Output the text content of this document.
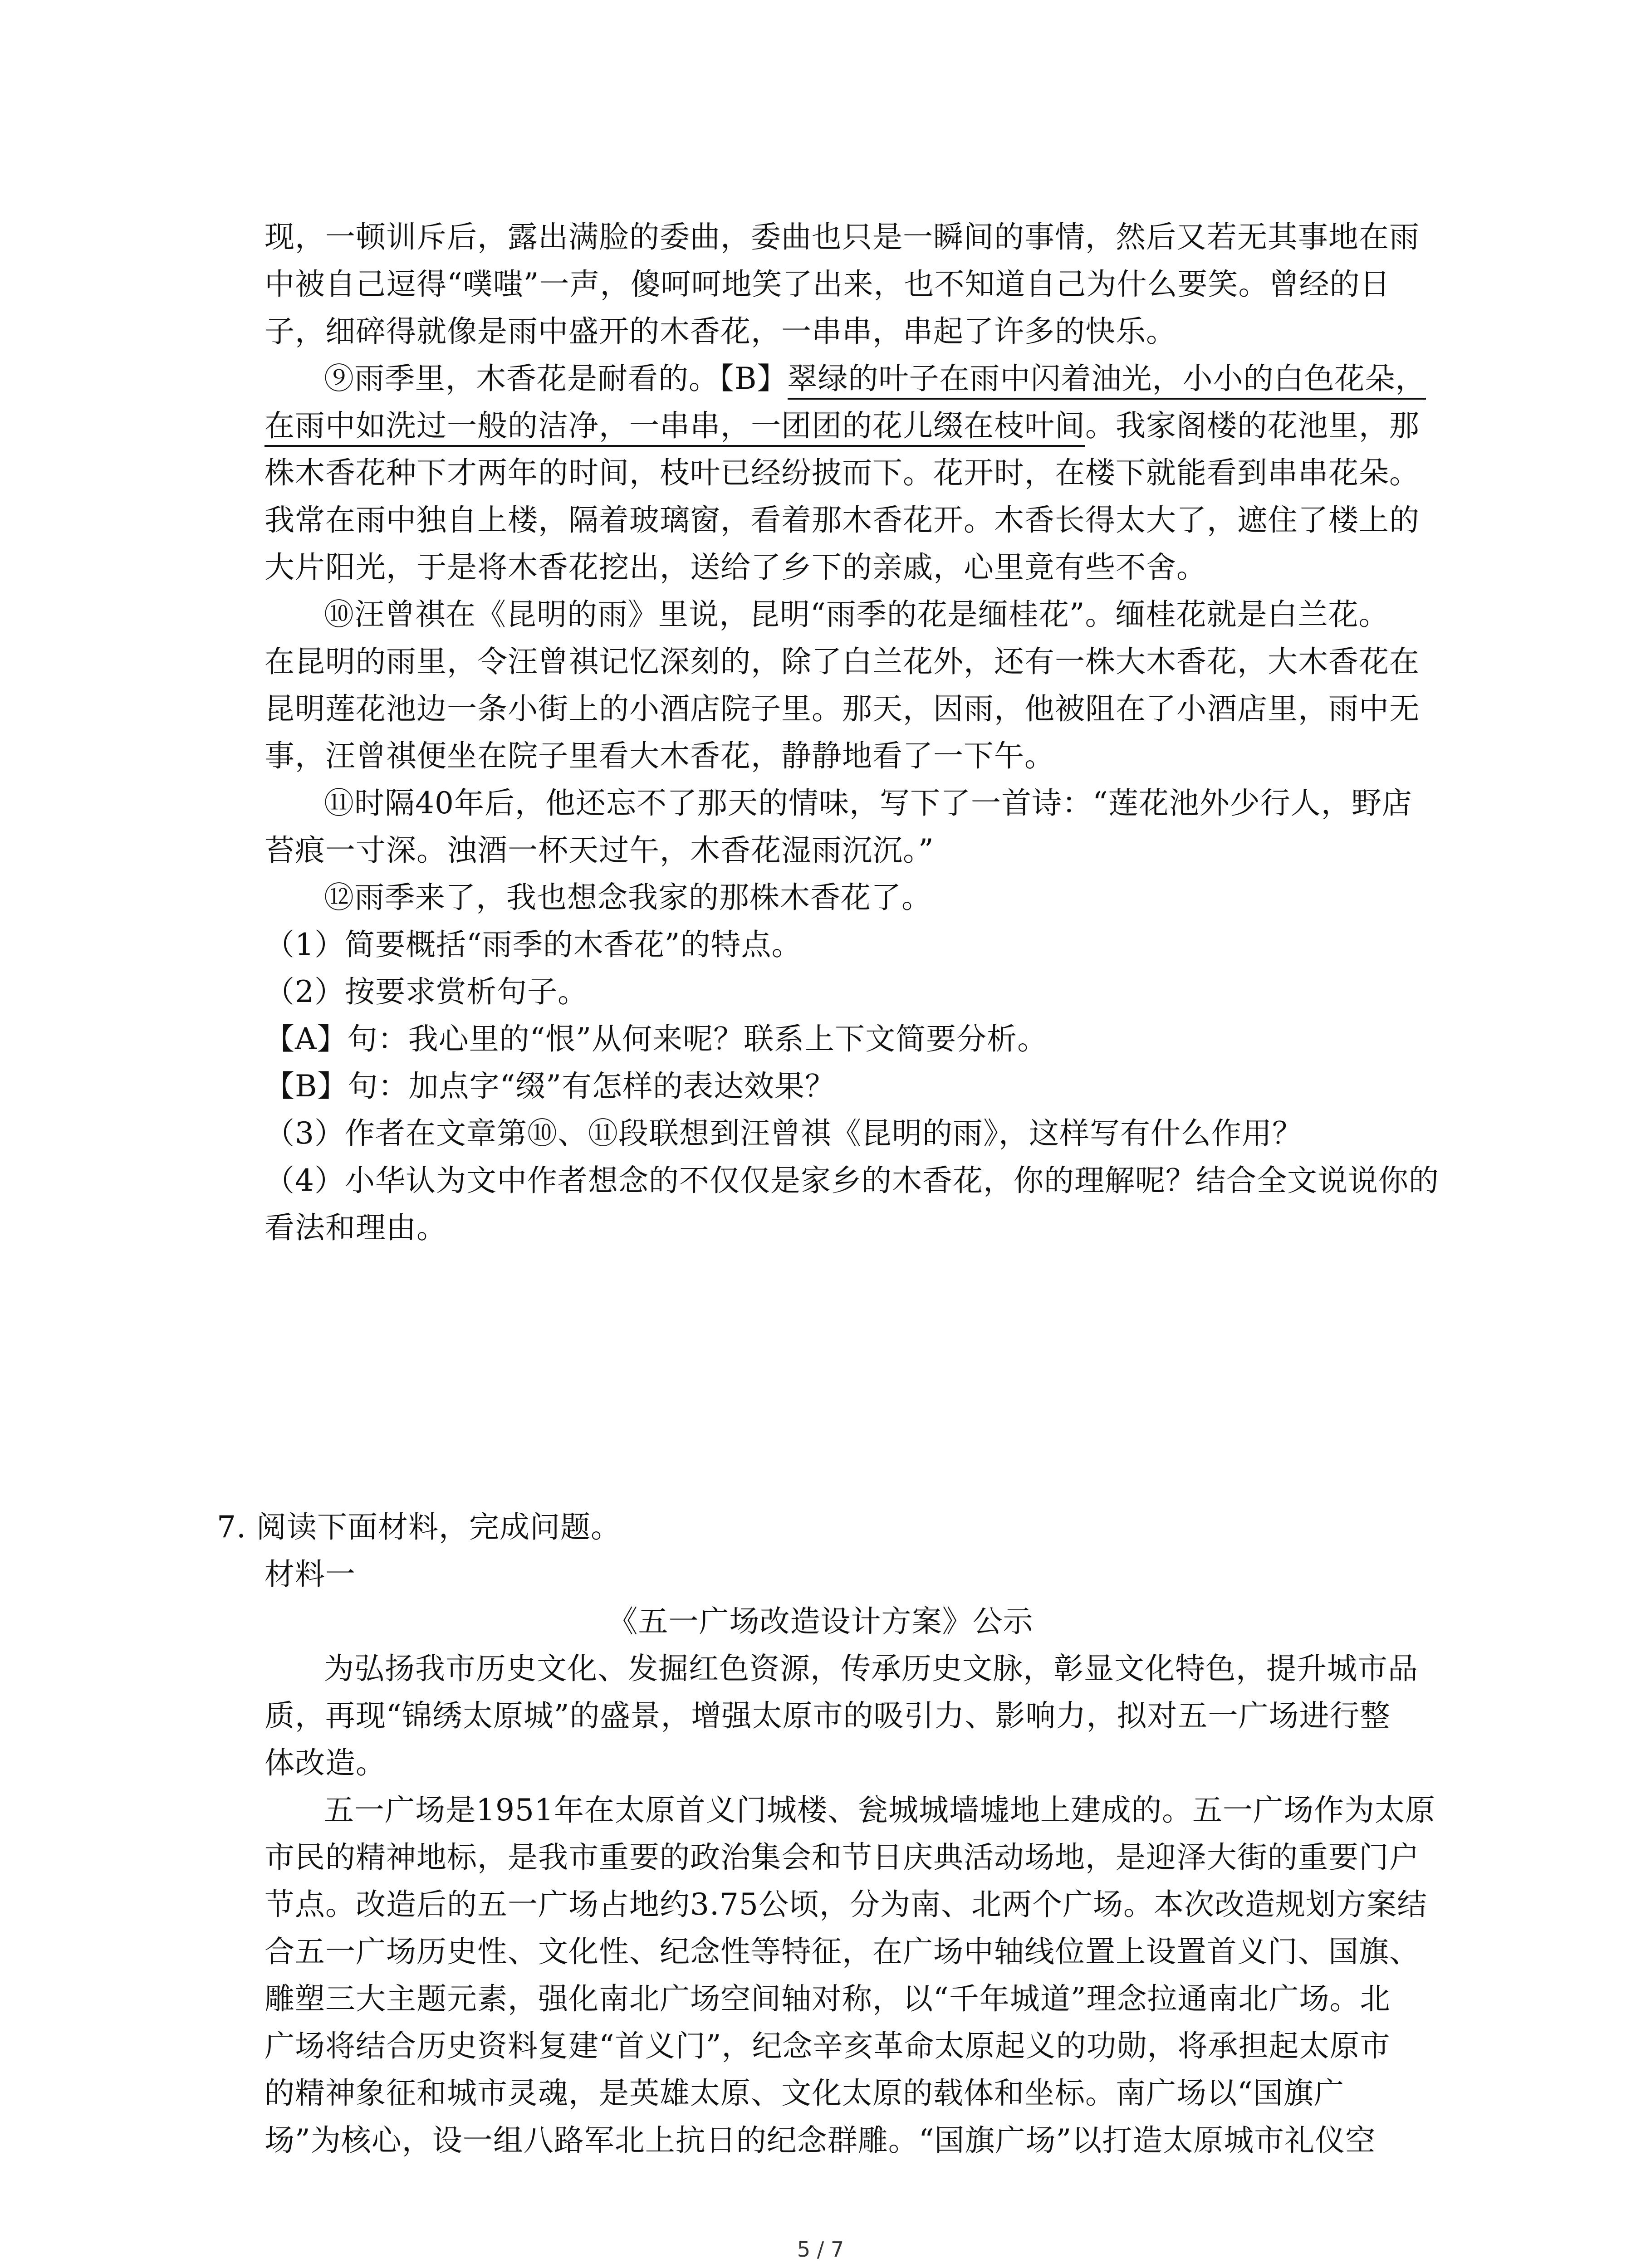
现，一顿训斥后，露出满脸的委曲，委曲也只是一瞬间的事情，然后又若无其事地在雨
中被自己逗得“噗嗤”一声，傻呵呵地笑了出来，也不知道自己为什么要笑。曾经的日
子，细碎得就像是雨中盛开的木香花，一串串，串起了许多的快乐。
⑨雨季里，木香花是耐看的。【B】翠绿的叶子在雨中闪着油光，小小的白色花朵，
在雨中如洗过一般的洁净，一串串，一团团的花儿缀在枝叶间。我家阁楼的花池里，那
株木香花种下才两年的时间，枝叶已经纷披而下。花开时，在楼下就能看到串串花朵。
我常在雨中独自上楼，隔着玻璃窗，看着那木香花开。木香长得太大了，遮住了楼上的
大片阳光，于是将木香花挖出，送给了乡下的亲戚，心里竟有些不舍。
⑩汪曾祺在《昆明的雨》里说，昆明“雨季的花是缅桂花”。缅桂花就是白兰花。
在昆明的雨里，令汪曾祺记忆深刻的，除了白兰花外，还有一株大木香花，大木香花在
昆明莲花池边一条小街上的小酒店院子里。那天，因雨，他被阻在了小酒店里，雨中无
事，汪曾祺便坐在院子里看大木香花，静静地看了一下午。
⑪时隔40年后，他还忘不了那天的情味，写下了一首诗：“莲花池外少行人，野店
苔痕一寸深。浊酒一杯天过午，木香花湿雨沉沉。”
⑫雨季来了，我也想念我家的那株木香花了。
（1）简要概括“雨季的木香花”的特点。
（2）按要求赏析句子。
【A】句：我心里的“恨”从何来呢？联系上下文简要分析。
【B】句：加点字“缀”有怎样的表达效果？
（3）作者在文章第⑩、⑪段联想到汪曾祺《昆明的雨》，这样写有什么作用？
（4）小华认为文中作者想念的不仅仅是家乡的木香花，你的理解呢？结合全文说说你的
看法和理由。
7. 阅读下面材料，完成问题。
材料一
《五一广场改造设计方案》公示
为弘扬我市历史文化、发掘红色资源，传承历史文脉，彰显文化特色，提升城市品
质，再现“锦绣太原城”的盛景，增强太原市的吸引力、影响力，拟对五一广场进行整
体改造。
五一广场是1951年在太原首义门城楼、瓮城城墙墟地上建成的。五一广场作为太原
市民的精神地标，是我市重要的政治集会和节日庆典活动场地，是迎泽大街的重要门户
节点。改造后的五一广场占地约3.75公顷，分为南、北两个广场。本次改造规划方案结
合五一广场历史性、文化性、纪念性等特征，在广场中轴线位置上设置首义门、国旗、
雕塑三大主题元素，强化南北广场空间轴对称，以“千年城道”理念拉通南北广场。北
广场将结合历史资料复建“首义门”，纪念辛亥革命太原起义的功勋，将承担起太原市
的精神象征和城市灵魂，是英雄太原、文化太原的载体和坐标。南广场以“国旗广
场”为核心，设一组八路军北上抗日的纪念群雕。“国旗广场”以打造太原城市礼仪空
5 / 7
